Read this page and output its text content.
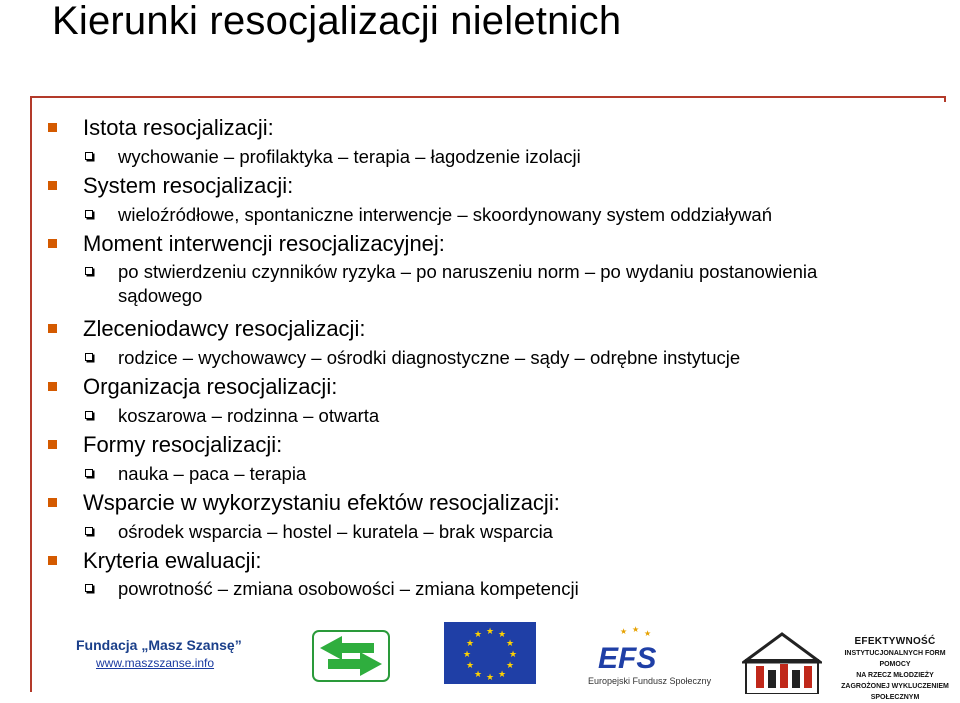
Kierunki resocjalizacji nieletnich
Istota resocjalizacji:
wychowanie – profilaktyka – terapia – łagodzenie izolacji
System resocjalizacji:
wieloźródłowe, spontaniczne interwencje – skoordynowany system oddziaływań
Moment interwencji resocjalizacyjnej:
po stwierdzeniu czynników ryzyka – po naruszeniu norm – po wydaniu postanowienia sądowego
Zleceniodawcy resocjalizacji:
rodzice – wychowawcy – ośrodki diagnostyczne – sądy – odrębne instytucje
Organizacja resocjalizacji:
koszarowa – rodzinna – otwarta
Formy resocjalizacji:
nauka – paca – terapia
Wsparcie w wykorzystaniu efektów resocjalizacji:
ośrodek wsparcia – hostel – kuratela – brak wsparcia
Kryteria ewaluacji:
powrotność – zmiana osobowości – zmiana kompetencji
Fundacja „Masz Szansę”
www.maszszanse.info
★ ★
★
★
★
★
★
★
★
★
★
★	★ ★ ★
EFS
Europejski Fundusz Społeczny
EFEKTYWNOŚĆ
INSTYTUCJONALNYCH FORM POMOCY
NA RZECZ MŁODZIEŻY
ZAGROŻONEJ WYKLUCZENIEM SPOŁECZNYM
